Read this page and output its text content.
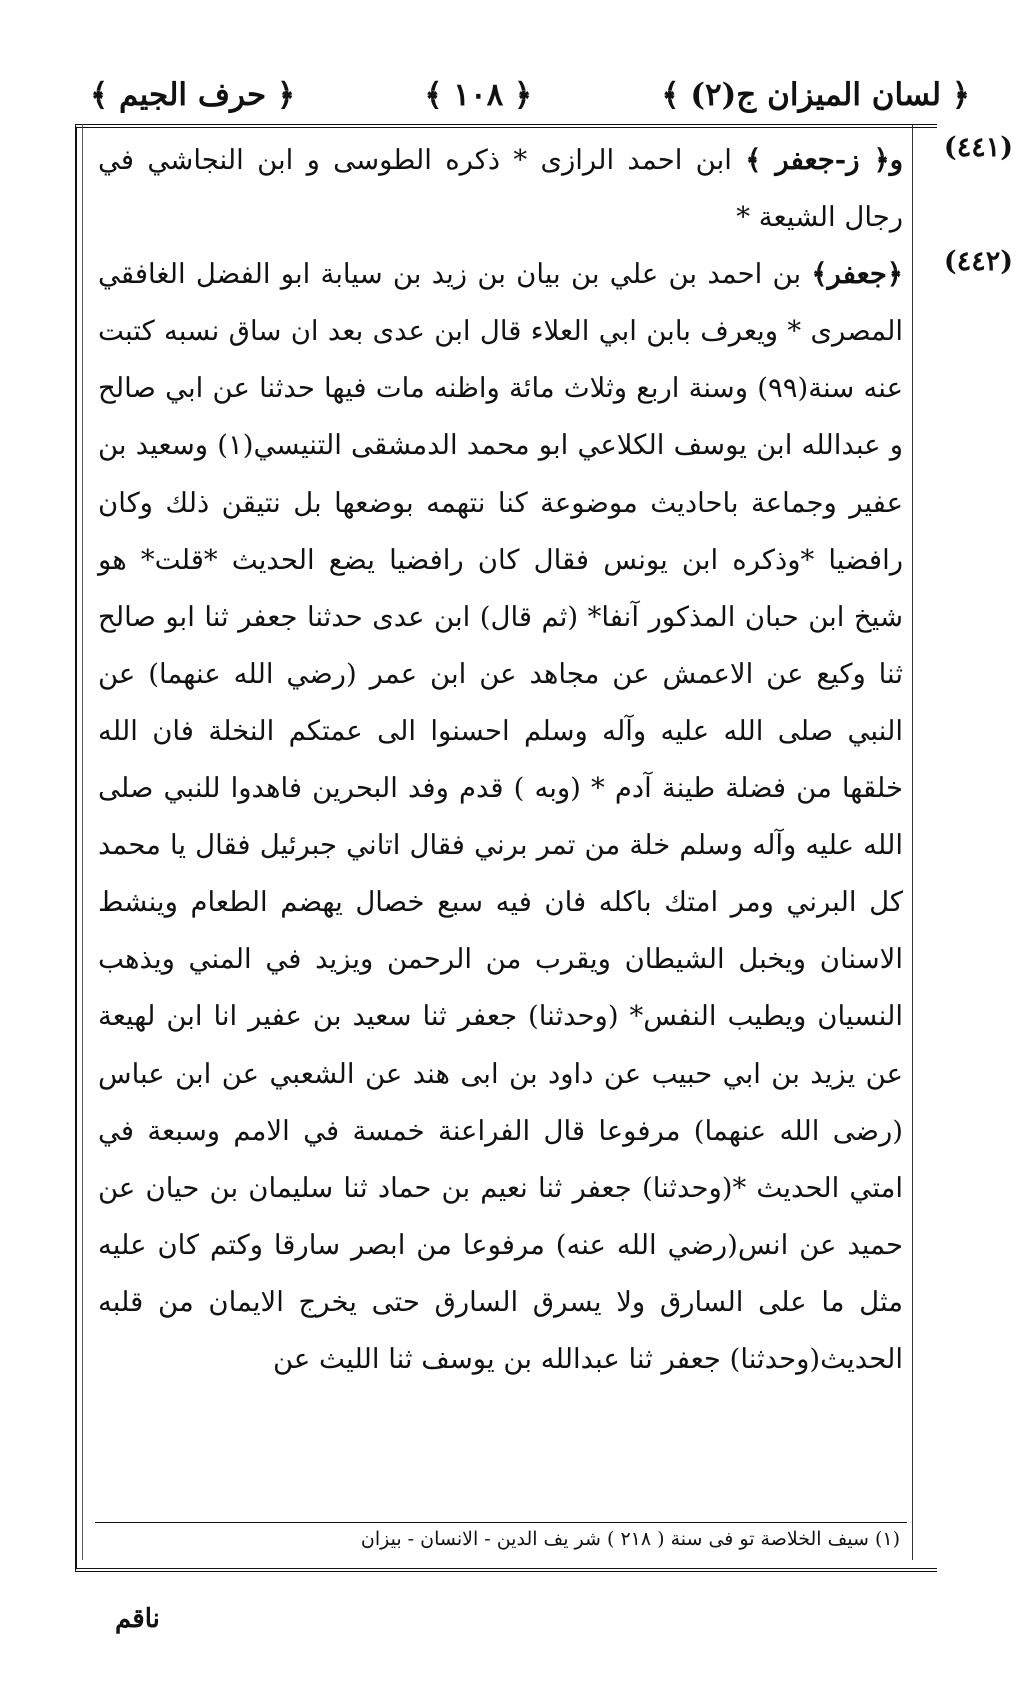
﴿ لسان الميزان ج(٢) ﴾
﴿ ١٠٨ ﴾
﴿ حرف الجيم ﴾
(٤٤١)
(٤٤٢)

و﴿ ز-جعفر ﴾ ابن احمد الرازى * ذكره الطوسى و ابن النجاشي في رجال الشيعة *

﴿جعفر﴾ بن احمد بن علي بن بيان بن زيد بن سيابة ابو الفضل الغافقي المصرى * ويعرف بابن ابي العلاء قال ابن عدى بعد ان ساق نسبه كتبت عنه سنة(٩٩) وسنة اربع وثلاث مائة واظنه مات فيها حدثنا عن ابي صالح و عبدالله ابن يوسف الكلاعي ابو محمد الدمشقى التنيسي(١) وسعيد بن عفير وجماعة باحاديث موضوعة كنا نتهمه بوضعها بل نتيقن ذلك وكان رافضيا *وذكره ابن يونس فقال كان رافضيا يضع الحديث *قلت* هو شيخ ابن حبان المذكور آنفا* (ثم قال) ابن عدى حدثنا جعفر ثنا ابو صالح ثنا وكيع عن الاعمش عن مجاهد عن ابن عمر (رضي الله عنهما) عن النبي صلى الله عليه وآله وسلم احسنوا الى عمتكم النخلة فان الله خلقها من فضلة طينة آدم * (وبه ) قدم وفد البحرين فاهدوا للنبي صلى الله عليه وآله وسلم خلة من تمر برني فقال اتاني جبرئيل فقال يا محمد كل البرني ومر امتك باكله فان فيه سبع خصال يهضم الطعام وينشط الاسنان ويخبل الشيطان ويقرب من الرحمن ويزيد في المني ويذهب النسيان ويطيب النفس* (وحدثنا) جعفر ثنا سعيد بن عفير انا ابن لهيعة عن يزيد بن ابي حبيب عن داود بن ابى هند عن الشعبي عن ابن عباس (رضى الله عنهما) مرفوعا قال الفراعنة خمسة في الامم وسبعة في امتي الحديث *(وحدثنا) جعفر ثنا نعيم بن حماد ثنا سليمان بن حيان عن حميد عن انس(رضي الله عنه) مرفوعا من ابصر سارقا وكتم كان عليه مثل ما على السارق ولا يسرق السارق حتى يخرج الايمان من قلبه الحديث(وحدثنا) جعفر ثنا عبدالله بن يوسف ثنا الليث عن

(١) سيف الخلاصة تو فى سنة ( ٢١٨ ) شر يف الدين - الانسان - بيزان
ناقم
